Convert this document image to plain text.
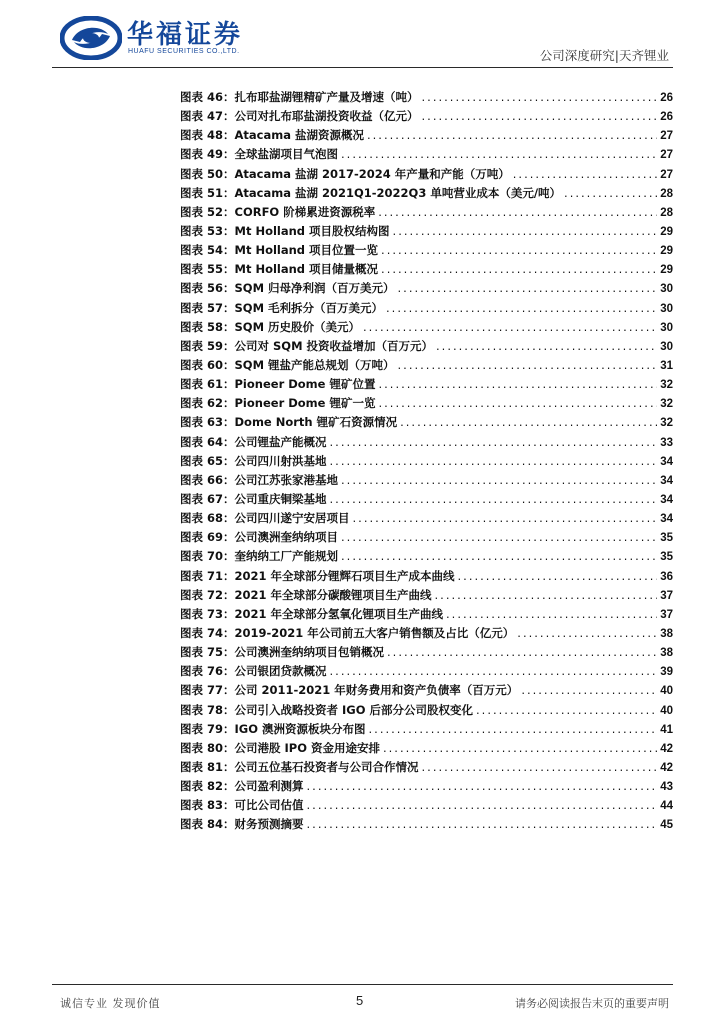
华福证券
HUAFU SECURITIES CO.,LTD.	公司深度研究|天齐锂业
图表 46：扎布耶盐湖锂精矿产量及增速（吨） .....	26
图表 47：公司对扎布耶盐湖投资收益（亿元） .....	26
图表 48：Atacama 盐湖资源概况 .....	27
图表 49：全球盐湖项目气泡图 .....	27
图表 50：Atacama 盐湖 2017-2024 年产量和产能（万吨） .....	27
图表 51：Atacama 盐湖 2021Q1-2022Q3 单吨营业成本（美元/吨） .....	28
图表 52：CORFO 阶梯累进资源税率 .....	28
图表 53：Mt Holland 项目股权结构图 .....	29
图表 54：Mt Holland 项目位置一览 .....	29
图表 55：Mt Holland 项目储量概况 .....	29
图表 56：SQM 归母净利润（百万美元） .....	30
图表 57：SQM 毛利拆分（百万美元） .....	30
图表 58：SQM 历史股价（美元） .....	30
图表 59：公司对 SQM 投资收益增加（百万元） .....	30
图表 60：SQM 锂盐产能总规划（万吨） .....	31
图表 61：Pioneer Dome 锂矿位置 .....	32
图表 62：Pioneer Dome 锂矿一览 .....	32
图表 63：Dome North 锂矿石资源情况 .....	32
图表 64：公司锂盐产能概况 .....	33
图表 65：公司四川射洪基地 .....	34
图表 66：公司江苏张家港基地 .....	34
图表 67：公司重庆铜梁基地 .....	34
图表 68：公司四川遂宁安居项目 .....	34
图表 69：公司澳洲奎纳纳项目 .....	35
图表 70：奎纳纳工厂产能规划 .....	35
图表 71：2021 年全球部分锂辉石项目生产成本曲线 .....	36
图表 72：2021 年全球部分碳酸锂项目生产曲线 .....	37
图表 73：2021 年全球部分氢氧化锂项目生产曲线 .....	37
图表 74：2019-2021 年公司前五大客户销售额及占比（亿元） .....	38
图表 75：公司澳洲奎纳纳项目包销概况 .....	38
图表 76：公司银团贷款概况 .....	39
图表 77：公司 2011-2021 年财务费用和资产负债率（百万元） .....	40
图表 78：公司引入战略投资者 IGO 后部分公司股权变化 .....	40
图表 79：IGO 澳洲资源板块分布图 .....	41
图表 80：公司港股 IPO 资金用途安排 .....	42
图表 81：公司五位基石投资者与公司合作情况 .....	42
图表 82：公司盈利测算 .....	43
图表 83：可比公司估值 .....	44
图表 84：财务预测摘要 .....	45
诚信专业 发现价值	5	请务必阅读报告末页的重要声明
